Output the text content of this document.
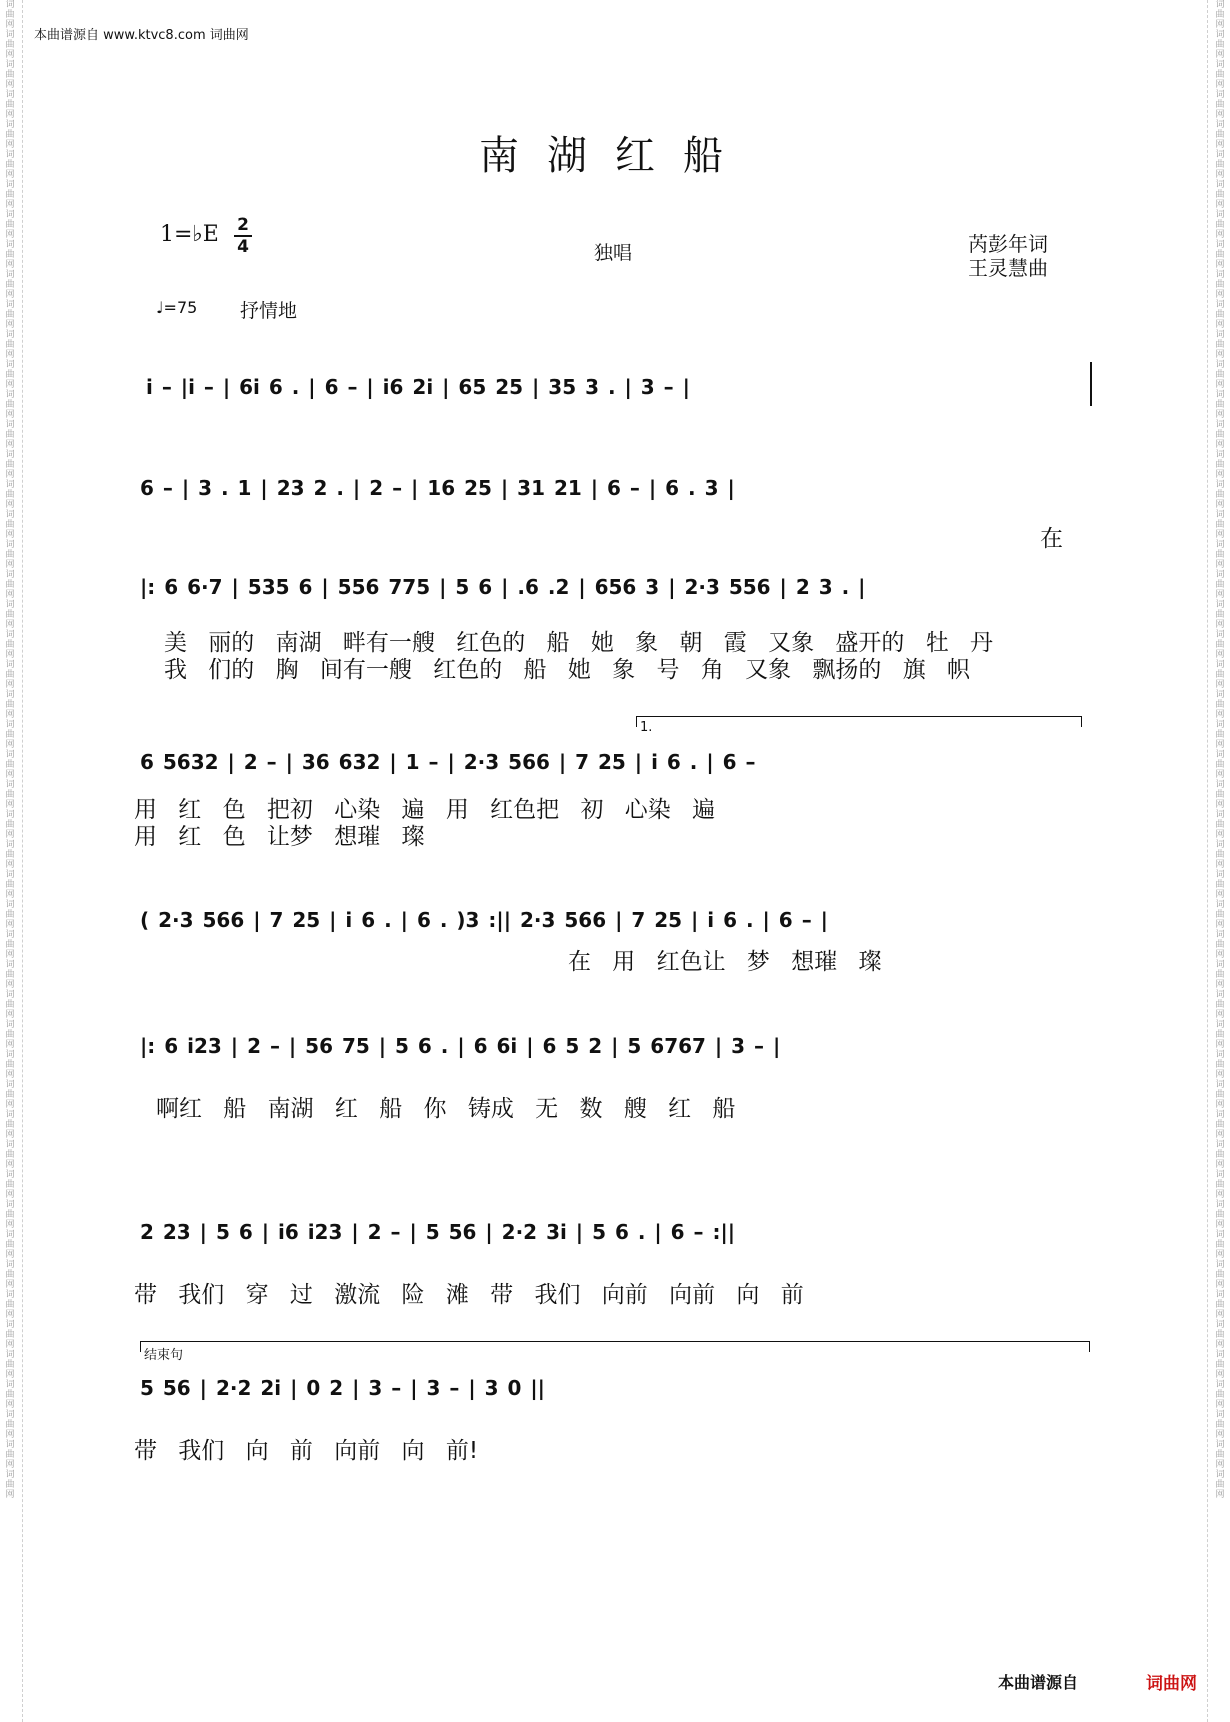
词曲网 词曲网 词曲网 词曲网 词曲网 词曲网 词曲网 词曲网 词曲网 词曲网 词曲网 词曲网 词曲网 词曲网 词曲网 词曲网 词曲网 词曲网 词曲网 词曲网 词曲网 词曲网 词曲网 词曲网 词曲网 词曲网 词曲网 词曲网 词曲网 词曲网 词曲网 词曲网 词曲网 词曲网 词曲网 词曲网 词曲网 词曲网 词曲网 词曲网 词曲网 词曲网 词曲网 词曲网 词曲网 词曲网 词曲网 词曲网 词曲网 词曲网
词曲网 词曲网 词曲网 词曲网 词曲网 词曲网 词曲网 词曲网 词曲网 词曲网 词曲网 词曲网 词曲网 词曲网 词曲网 词曲网 词曲网 词曲网 词曲网 词曲网 词曲网 词曲网 词曲网 词曲网 词曲网 词曲网 词曲网 词曲网 词曲网 词曲网 词曲网 词曲网 词曲网 词曲网 词曲网 词曲网 词曲网 词曲网 词曲网 词曲网 词曲网 词曲网 词曲网 词曲网 词曲网 词曲网 词曲网 词曲网 词曲网 词曲网
本曲谱源自 www.ktvc8.com 词曲网
南湖红船
1=♭E 2
4	独唱	芮彭年词
王灵慧曲
♩=75 抒情地
i – |i – | 6i 6 . | 6 – | i6 2i | 65 25 | 35 3 . | 3 – |
6 – | 3 . 1 | 23 2 . | 2 – | 16 25 | 31 21 | 6 – | 6 . 3 |
在
|: 6 6·7 | 535 6 | 556 775 | 5 6 | .6 .2 | 656 3 | 2·3 556 | 2 3 . |
美 丽的 南湖 畔有一艘 红色的 船 她 象 朝 霞 又象 盛开的 牡 丹
我 们的 胸 间有一艘 红色的 船 她 象 号 角 又象 飘扬的 旗 帜
1.
6 5632 | 2 – | 36 632 | 1 – | 2·3 566 | 7 25 | i 6 . | 6 –
用 红 色 把初 心染 遍 用 红色把 初 心染 遍
用 红 色 让梦 想璀 璨
( 2·3 566 | 7 25 | i 6 . | 6 . )3 :|| 2·3 566 | 7 25 | i 6 . | 6 – |
在 用 红色让 梦 想璀 璨
|: 6 i23 | 2 – | 56 75 | 5 6 . | 6 6i | 6 5 2 | 5 6767 | 3 – |
啊红 船 南湖 红 船 你 铸成 无 数 艘 红 船
2 23 | 5 6 | i6 i23 | 2 – | 5 56 | 2·2 3i | 5 6 . | 6 – :||
带 我们 穿 过 激流 险 滩 带 我们 向前 向前 向 前
结束句
5 56 | 2·2 2i | 0 2 | 3 – | 3 – | 3 0 ||
带 我们 向 前 向前 向 前!
本曲谱源自	词曲网
